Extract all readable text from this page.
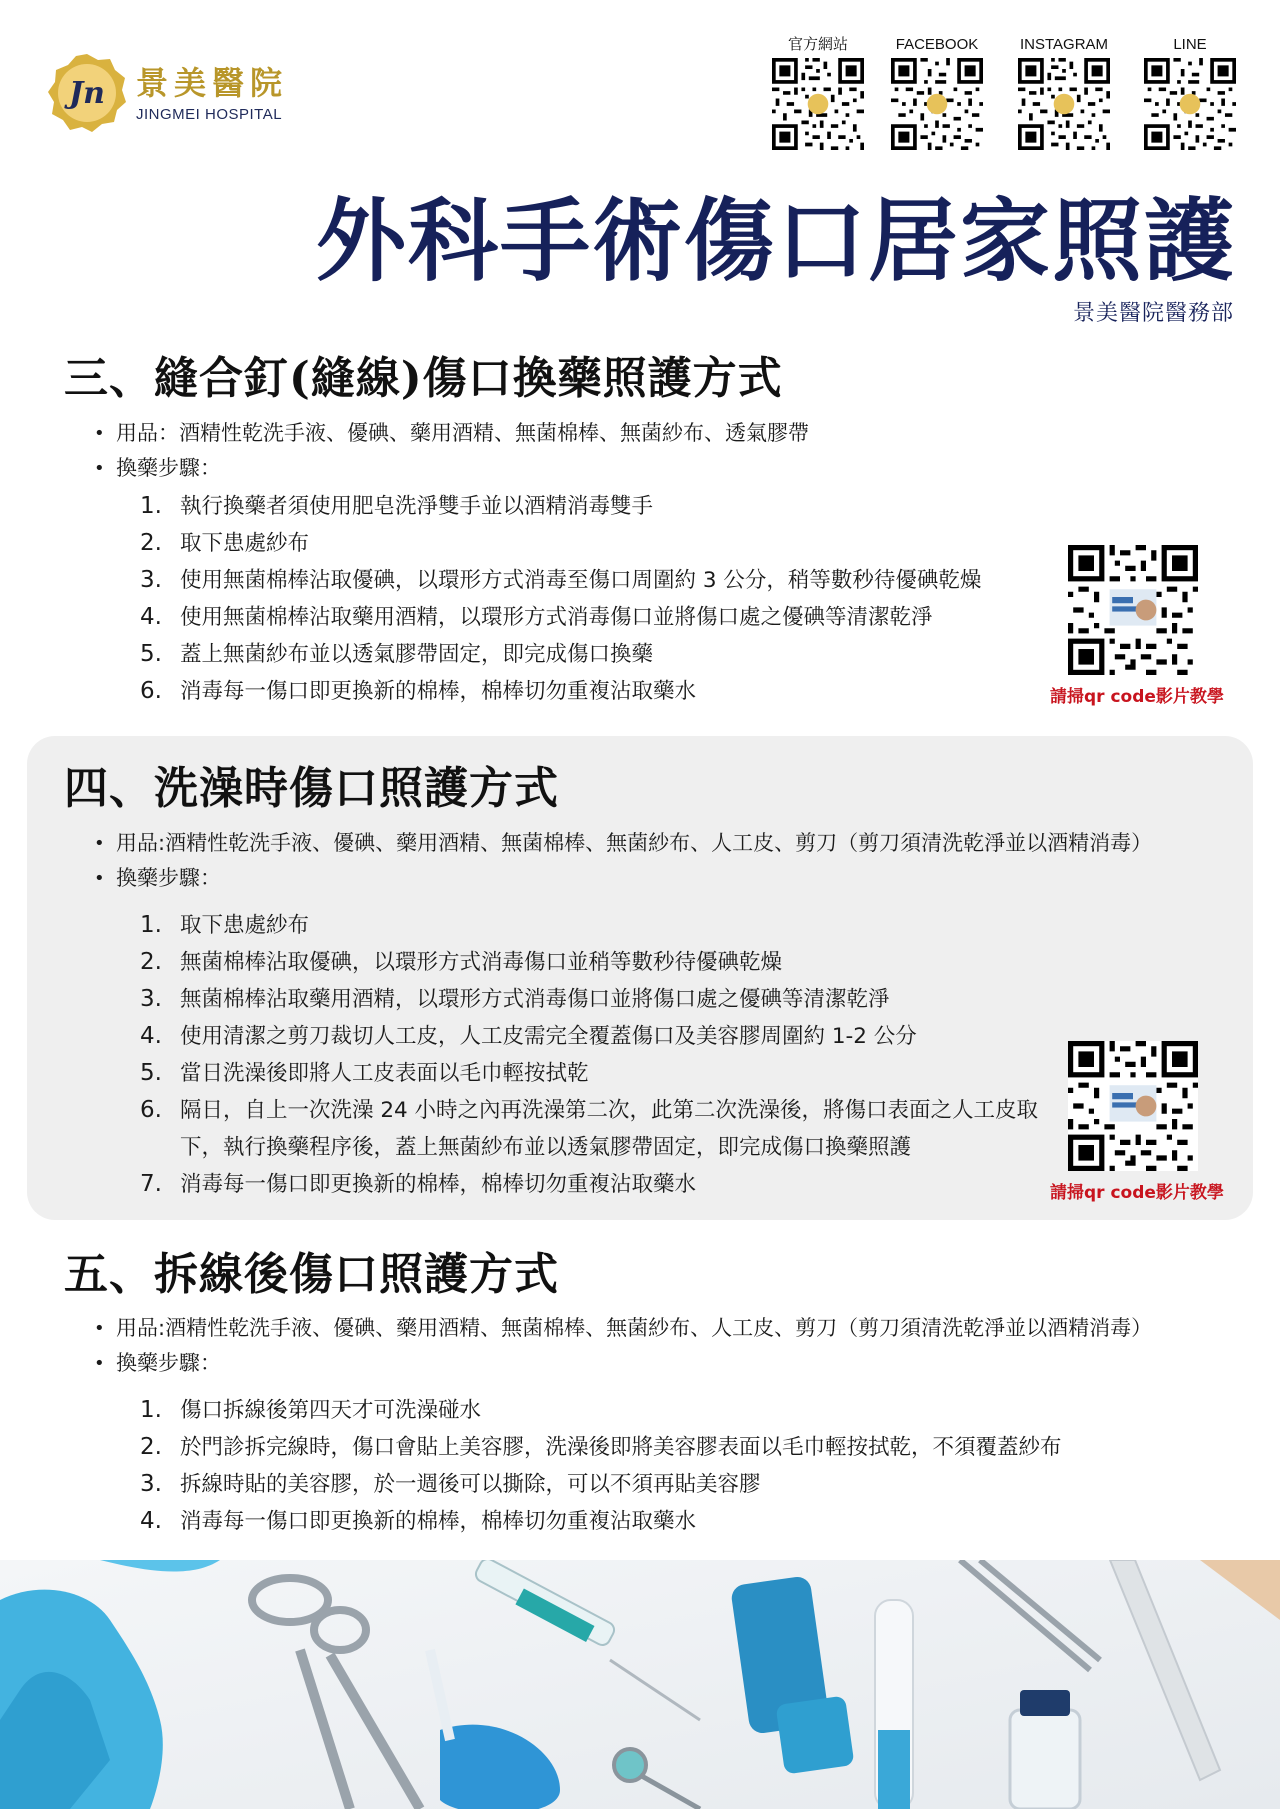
Jn 景美醫院
JINGMEI HOSPITAL
官方網站	FACEBOOK	INSTAGRAM	LINE
外科手術傷口居家照護
景美醫院醫務部
三、縫合釘(縫線)傷口換藥照護方式
• 用品：酒精性乾洗手液、優碘、藥用酒精、無菌棉棒、無菌紗布、透氣膠帶
• 換藥步驟：
1. 執行換藥者須使用肥皂洗淨雙手並以酒精消毒雙手
2. 取下患處紗布
3. 使用無菌棉棒沾取優碘，以環形方式消毒至傷口周圍約 3 公分，稍等數秒待優碘乾燥
4. 使用無菌棉棒沾取藥用酒精，以環形方式消毒傷口並將傷口處之優碘等清潔乾淨
5. 蓋上無菌紗布並以透氣膠帶固定，即完成傷口換藥
6. 消毒每一傷口即更換新的棉棒，棉棒切勿重複沾取藥水	請掃qr code影片教學
四、洗澡時傷口照護方式
• 用品:酒精性乾洗手液、優碘、藥用酒精、無菌棉棒、無菌紗布、人工皮、剪刀（剪刀須清洗乾淨並以酒精消毒）
• 換藥步驟：
1. 取下患處紗布
2. 無菌棉棒沾取優碘，以環形方式消毒傷口並稍等數秒待優碘乾燥
3. 無菌棉棒沾取藥用酒精，以環形方式消毒傷口並將傷口處之優碘等清潔乾淨
4. 使用清潔之剪刀裁切人工皮，人工皮需完全覆蓋傷口及美容膠周圍約 1-2 公分
5. 當日洗澡後即將人工皮表面以毛巾輕按拭乾
6. 隔日，自上一次洗澡 24 小時之內再洗澡第二次，此第二次洗澡後，將傷口表面之人工皮取下，執行換藥程序後，蓋上無菌紗布並以透氣膠帶固定，即完成傷口換藥照護
7. 消毒每一傷口即更換新的棉棒，棉棒切勿重複沾取藥水	請掃qr code影片教學
五、拆線後傷口照護方式
• 用品:酒精性乾洗手液、優碘、藥用酒精、無菌棉棒、無菌紗布、人工皮、剪刀（剪刀須清洗乾淨並以酒精消毒）
• 換藥步驟：
1. 傷口拆線後第四天才可洗澡碰水
2. 於門診拆完線時，傷口會貼上美容膠，洗澡後即將美容膠表面以毛巾輕按拭乾，不須覆蓋紗布
3. 拆線時貼的美容膠，於一週後可以撕除，可以不須再貼美容膠
4. 消毒每一傷口即更換新的棉棒，棉棒切勿重複沾取藥水
